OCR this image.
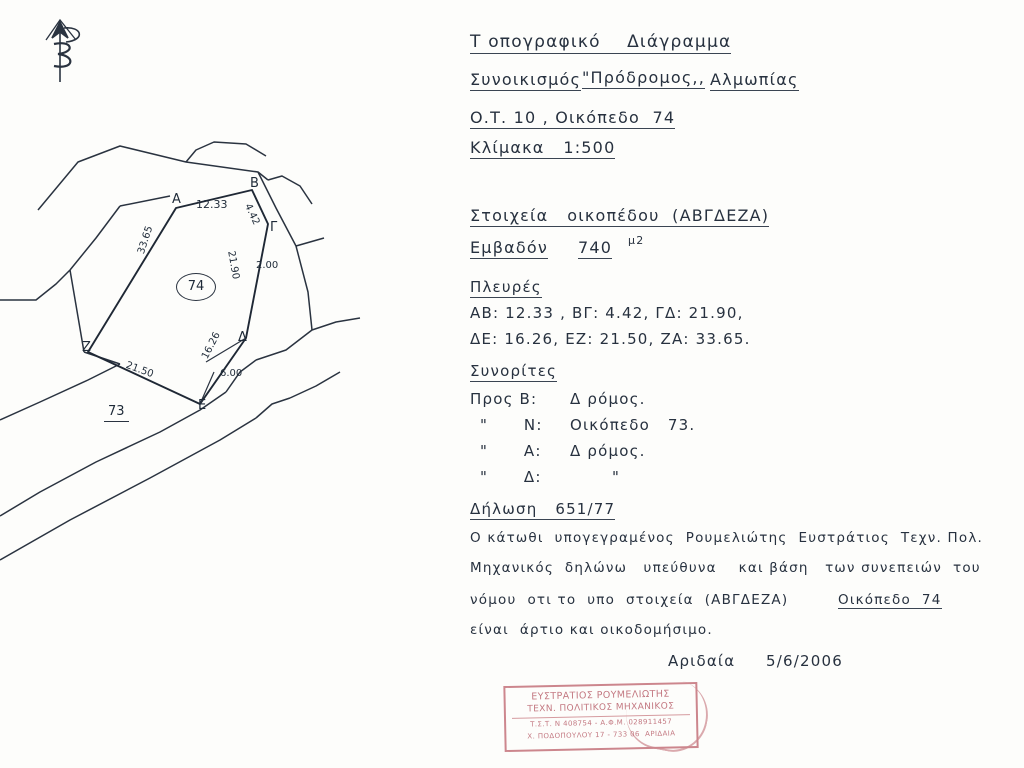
Α
Β
Γ
Δ
Ε
Ζ
74
73
12.33 4.42
21.90
16.26
21.50
33.65
2.00
6.00
Τ οπογραφικό    Διάγραμμα
Συνοικισμός "Πρόδρομος,, Αλμωπίας
Ο.Τ. 10 , Οικόπεδο  74
Κλίμακα   1:500
Στοιχεία   οικοπέδου  (ΑΒΓΔΕΖΑ)
Εμβαδόν 740 μ2
Πλευρές
ΑΒ: 12.33 , ΒΓ: 4.42, ΓΔ: 21.90,
ΔΕ: 16.26, ΕΖ: 21.50, ΖΑ: 33.65.
Συνορίτες
Προς Β: Δ ρόμος.
"      Ν: Οικόπεδο   73.
"      Α: Δ ρόμος.
"      Δ:	"
Δήλωση   651/77
Ο κάτωθι  υπογεγραμένος  Ρουμελιώτης  Ευστράτιος  Τεχν. Πολ.
Μηχανικός  δηλώνω   υπεύθυνα    και βάση   των συνεπειών  του
νόμου  οτι το  υπο  στοιχεία  (ΑΒΓΔΕΖΑ)	Οικόπεδο  74
είναι  άρτιο και οικοδομήσιμο.
Αριδαία 5/6/2006
ΕΥΣΤΡΑΤΙΟΣ ΡΟΥΜΕΛΙΩΤΗΣ
ΤΕΧΝ. ΠΟΛΙΤΙΚΟΣ ΜΗΧΑΝΙΚΟΣ
Τ.Σ.Τ. Ν 408754 - Α.Φ.Μ. 028911457
Χ. ΠΟΔΟΠΟΥΛΟΥ 17 - 733 06  ΑΡΙΔΑΙΑ
